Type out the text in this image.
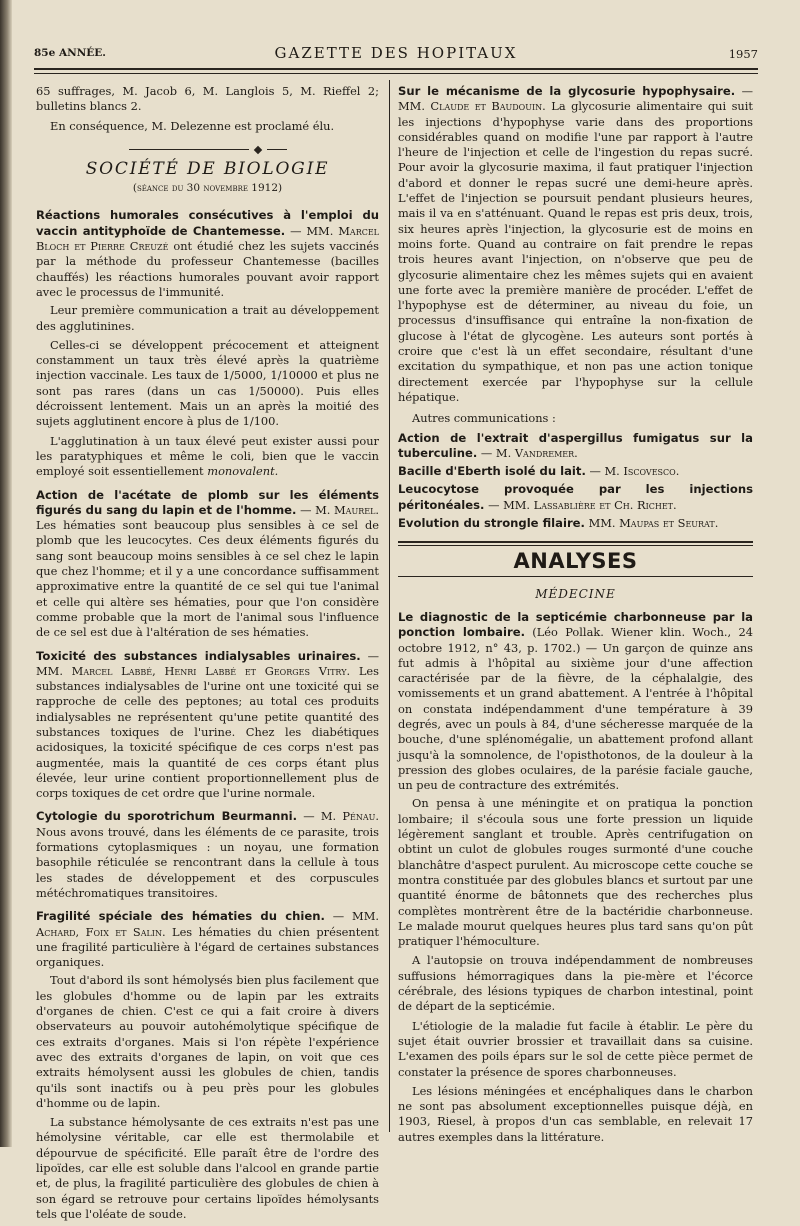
85e ANNÉE.	GAZETTE DES HOPITAUX	1957

65 suffrages, M. Jacob 6, M. Langlois 5, M. Rieffel 2; bulletins blancs 2.

En conséquence, M. Delezenne est proclamé élu.

SOCIÉTÉ DE BIOLOGIE
(séance du 30 novembre 1912)

Réactions humorales consécutives à l'emploi du vaccin antityphoïde de Chantemesse. — MM. Marcel Bloch et Pierre Creuzé ont étudié chez les sujets vaccinés par la méthode du professeur Chantemesse (bacilles chauffés) les réactions humorales pouvant avoir rapport avec le processus de l'immunité.

Leur première communication a trait au développement des agglutinines.

Celles-ci se développent précocement et atteignent constamment un taux très élevé après la quatrième injection vaccinale. Les taux de 1/5000, 1/10000 et plus ne sont pas rares (dans un cas 1/50000). Puis elles décroissent lentement. Mais un an après la moitié des sujets agglutinent encore à plus de 1/100.

L'agglutination à un taux élevé peut exister aussi pour les paratyphiques et même le coli, bien que le vaccin employé soit essentiellement monovalent.

Action de l'acétate de plomb sur les éléments figurés du sang du lapin et de l'homme. — M. Maurel. Les hématies sont beaucoup plus sensibles à ce sel de plomb que les leucocytes. Ces deux éléments figurés du sang sont beaucoup moins sensibles à ce sel chez le lapin que chez l'homme; et il y a une concordance suffisamment approximative entre la quantité de ce sel qui tue l'animal et celle qui altère ses hématies, pour que l'on considère comme probable que la mort de l'animal sous l'influence de ce sel est due à l'altération de ses hématies.

Toxicité des substances indialysables urinaires. — MM. Marcel Labbé, Henri Labbé et Georges Vitry. Les substances indialysables de l'urine ont une toxicité qui se rapproche de celle des peptones; au total ces produits indialysables ne représentent qu'une petite quantité des substances toxiques de l'urine. Chez les diabétiques acidosiques, la toxicité spécifique de ces corps n'est pas augmentée, mais la quantité de ces corps étant plus élevée, leur urine contient proportionnellement plus de corps toxiques de cet ordre que l'urine normale.

Cytologie du sporotrichum Beurmanni. — M. Pénau. Nous avons trouvé, dans les éléments de ce parasite, trois formations cytoplasmiques : un noyau, une formation basophile réticulée se rencontrant dans la cellule à tous les stades de développement et des corpuscules météchromatiques transitoires.

Fragilité spéciale des hématies du chien. — MM. Achard, Foix et Salin. Les hématies du chien présentent une fragilité particulière à l'égard de certaines substances organiques.

Tout d'abord ils sont hémolysés bien plus facilement que les globules d'homme ou de lapin par les extraits d'organes de chien. C'est ce qui a fait croire à divers observateurs au pouvoir autohémolytique spécifique de ces extraits d'organes. Mais si l'on répète l'expérience avec des extraits d'organes de lapin, on voit que ces extraits hémolysent aussi les globules de chien, tandis qu'ils sont inactifs ou à peu près pour les globules d'homme ou de lapin.

La substance hémolysante de ces extraits n'est pas une hémolysine véritable, car elle est thermolabile et dépourvue de spécificité. Elle paraît être de l'ordre des lipoïdes, car elle est soluble dans l'alcool en grande partie et, de plus, la fragilité particulière des globules de chien à son égard se retrouve pour certains lipoïdes hémolysants tels que l'oléate de soude.

Sur le mécanisme de la glycosurie hypophysaire. — MM. Claude et Baudouin. La glycosurie alimentaire qui suit les injections d'hypophyse varie dans des proportions considérables quand on modifie l'une par rapport à l'autre l'heure de l'injection et celle de l'ingestion du repas sucré. Pour avoir la glycosurie maxima, il faut pratiquer l'injection d'abord et donner le repas sucré une demi-heure après. L'effet de l'injection se poursuit pendant plusieurs heures, mais il va en s'atténuant. Quand le repas est pris deux, trois, six heures après l'injection, la glycosurie est de moins en moins forte. Quand au contraire on fait prendre le repas trois heures avant l'injection, on n'observe que peu de glycosurie alimentaire chez les mêmes sujets qui en avaient une forte avec la première manière de procéder. L'effet de l'hypophyse est de déterminer, au niveau du foie, un processus d'insuffisance qui entraîne la non-fixation de glucose à l'état de glycogène. Les auteurs sont portés à croire que c'est là un effet secondaire, résultant d'une excitation du sympathique, et non pas une action tonique directement exercée par l'hypophyse sur la cellule hépatique.

Autres communications :

Action de l'extrait d'aspergillus fumigatus sur la tuberculine. — M. Vandremer.

Bacille d'Eberth isolé du lait. — M. Iscovesco.

Leucocytose provoquée par les injections péritonéales. — MM. Lassablière et Ch. Richet.

Evolution du strongle filaire. MM. Maupas et Seurat.

ANALYSES
MÉDECINE

Le diagnostic de la septicémie charbonneuse par la ponction lombaire. (Léo Pollak. Wiener klin. Woch., 24 octobre 1912, n° 43, p. 1702.) — Un garçon de quinze ans fut admis à l'hôpital au sixième jour d'une affection caractérisée par de la fièvre, de la céphalalgie, des vomissements et un grand abattement. A l'entrée à l'hôpital on constata indépendamment d'une température à 39 degrés, avec un pouls à 84, d'une sécheresse marquée de la bouche, d'une splénomégalie, un abattement profond allant jusqu'à la somnolence, de l'opisthotonos, de la douleur à la pression des globes oculaires, de la parésie faciale gauche, un peu de contracture des extrémités.

On pensa à une méningite et on pratiqua la ponction lombaire; il s'écoula sous une forte pression un liquide légèrement sanglant et trouble. Après centrifugation on obtint un culot de globules rouges surmonté d'une couche blanchâtre d'aspect purulent. Au microscope cette couche se montra constituée par des globules blancs et surtout par une quantité énorme de bâtonnets que des recherches plus complètes montrèrent être de la bactéridie charbonneuse. Le malade mourut quelques heures plus tard sans qu'on pût pratiquer l'hémoculture.

A l'autopsie on trouva indépendamment de nombreuses suffusions hémorragiques dans la pie-mère et l'écorce cérébrale, des lésions typiques de charbon intestinal, point de départ de la septicémie.

L'étiologie de la maladie fut facile à établir. Le père du sujet était ouvrier brossier et travaillait dans sa cuisine. L'examen des poils épars sur le sol de cette pièce permet de constater la présence de spores charbonneuses.

Les lésions méningées et encéphaliques dans le charbon ne sont pas absolument exceptionnelles puisque déjà, en 1903, Riesel, à propos d'un cas semblable, en relevait 17 autres exemples dans la littérature.
